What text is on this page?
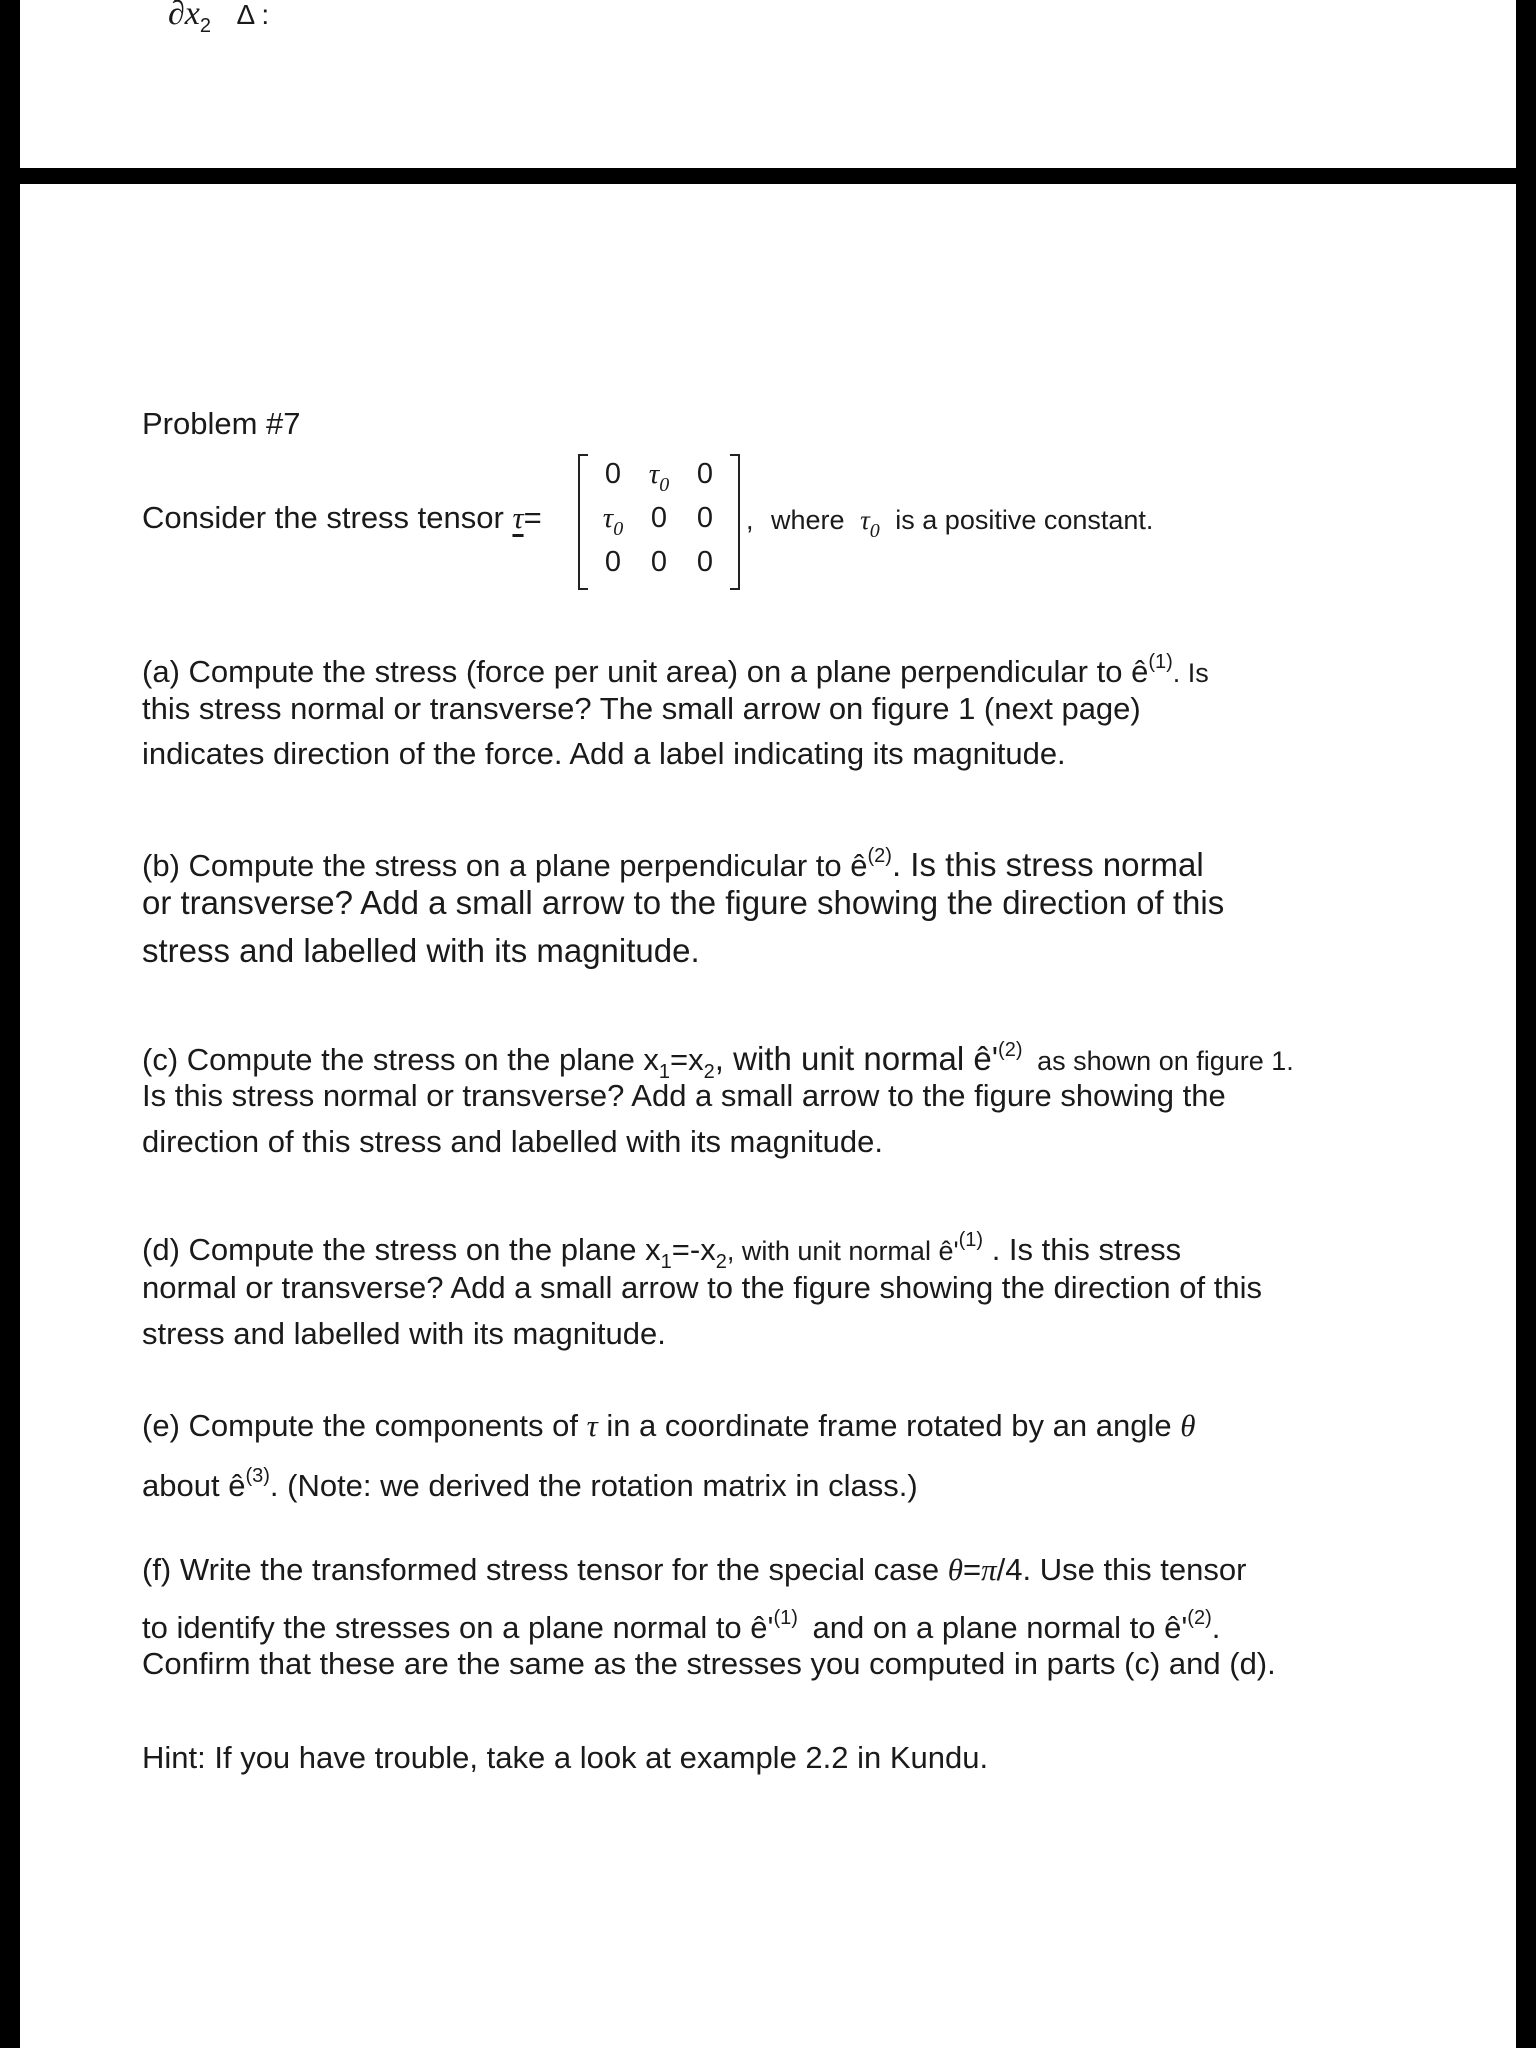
$\partial x_2$ Δ :
Problem #7
Consider the stress tensor τ=
0 $\tau_0$ 0
$\tau_0$ 0	0
0	0	0
, where $\tau_0$ is a positive constant.
(a) Compute the stress (force per unit area) on a plane perpendicular to $ê^{(1)}$. Is
this stress normal or transverse? The small arrow on figure 1 (next page)
indicates direction of the force. Add a label indicating its magnitude.
(b) Compute the stress on a plane perpendicular to $ê^{(2)}$. Is this stress normal
or transverse? Add a small arrow to the figure showing the direction of this
stress and labelled with its magnitude.
(c) Compute the stress on the plane $x_1=x_2$, with unit normal $ê'^{(2)}$ as shown on figure 1.
Is this stress normal or transverse? Add a small arrow to the figure showing the
direction of this stress and labelled with its magnitude.
(d) Compute the stress on the plane $x_1=-x_2$, with unit normal $ê'^{(1)}$ . Is this stress
normal or transverse? Add a small arrow to the figure showing the direction of this
stress and labelled with its magnitude.
(e) Compute the components of τ in a coordinate frame rotated by an angle θ
about $ê^{(3)}$. (Note: we derived the rotation matrix in class.)
(f) Write the transformed stress tensor for the special case θ=π/4. Use this tensor
to identify the stresses on a plane normal to $ê'^{(1)}$ and on a plane normal to $ê'^{(2)}$.
Confirm that these are the same as the stresses you computed in parts (c) and (d).
Hint: If you have trouble, take a look at example 2.2 in Kundu.
